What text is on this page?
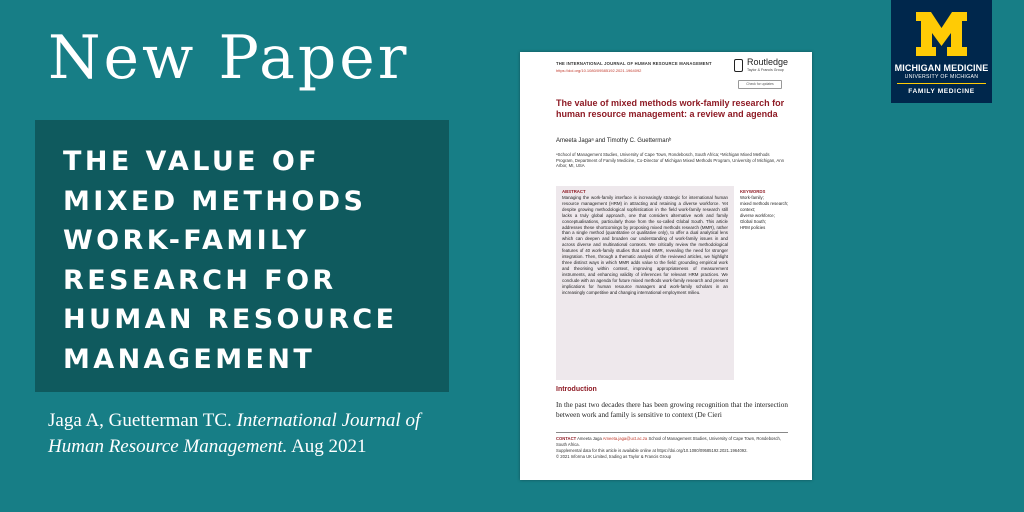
New Paper
THE VALUE OF
MIXED METHODS
WORK-FAMILY
RESEARCH FOR
HUMAN RESOURCE
MANAGEMENT
Jaga A, Guetterman TC. International Journal of Human Resource Management. Aug 2021
THE INTERNATIONAL JOURNAL OF HUMAN RESOURCE MANAGEMENT
https://doi.org/10.1080/09585192.2021.1964092
Routledge
Taylor & Francis Group
Check for updates
The value of mixed methods work-family research for human resource management: a review and agenda
Ameeta Jagaᵃ and Timothy C. Guettermanᵇ
ᵃSchool of Management Studies, University of Cape Town, Rondebosch, South Africa; ᵇMichigan Mixed Methods Program, Department of Family Medicine, Co-Director of Michigan Mixed Methods Program, University of Michigan, Ann Arbor, MI, USA
ABSTRACT
Managing the work-family interface is increasingly strategic for international human resource management (HRM) in attracting and retaining a diverse workforce. Yet despite growing methodological sophistication in the field work-family research still lacks a truly global approach, one that considers alternative work and family conceptualisations, particularly those from the so-called Global South. This article addresses these shortcomings by proposing mixed methods research (MMR), rather than a single method (quantitative or qualitative only), to offer a dual analytical lens which can deepen and broaden our understanding of work-family issues in and across diverse and multinational contexts. We critically review the methodological features of 40 work-family studies that used MMR, revealing the need for stronger integration. Then, through a thematic analysis of the reviewed articles, we highlight three distinct ways in which MMR adds value to the field: grounding empirical work and theorising within context, improving appropriateness of measurement instruments, and enhancing validity of inferences for relevant HRM practices. We conclude with an agenda for future mixed methods work-family research and present implications for human resource managers and work-family scholars in an increasingly competitive and changing international employment milieu.
KEYWORDS
Work-family;
mixed methods research;
context;
diverse workforce;
Global South;
HRM policies
Introduction
In the past two decades there has been growing recognition that the intersection between work and family is sensitive to context (De Cieri
CONTACT Ameeta Jaga Ameeta.jaga@uct.ac.za School of Management Studies, University of Cape Town, Rondebosch, South Africa.
Supplemental data for this article is available online at https://doi.org/10.1080/09585192.2021.1964092.
© 2021 Informa UK Limited, trading as Taylor & Francis Group
MICHIGAN MEDICINE
UNIVERSITY OF MICHIGAN
FAMILY MEDICINE
